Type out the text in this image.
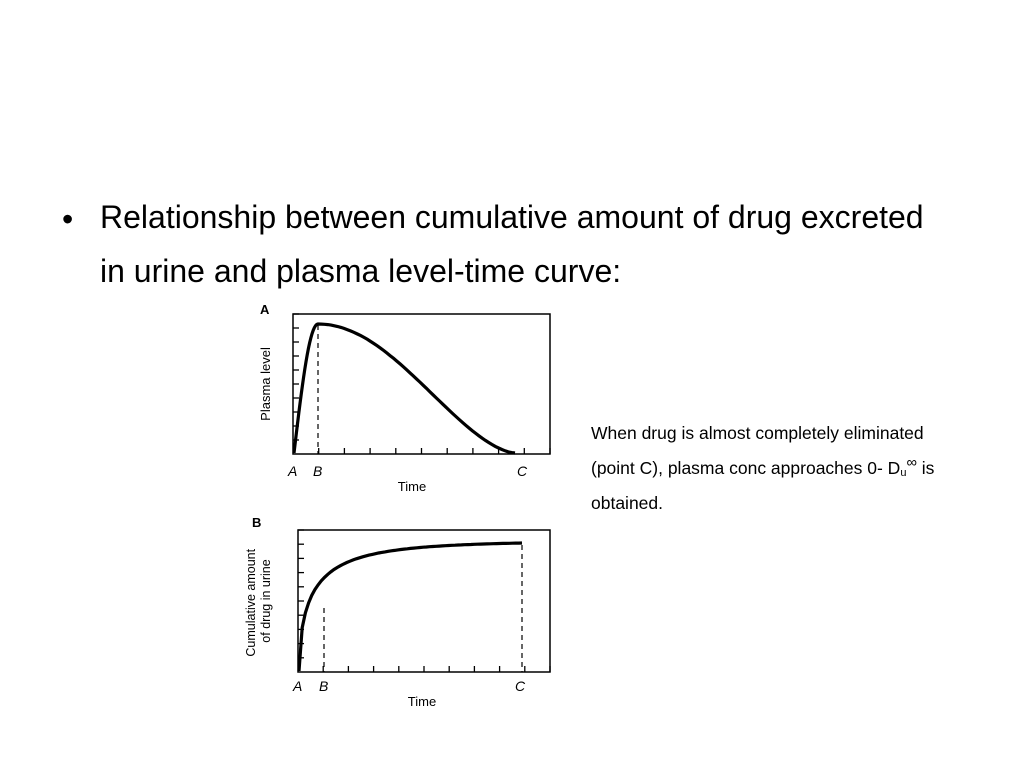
• Relationship between cumulative amount of drug excreted in urine and plasma level-time curve:
When drug is almost completely eliminated (point C), plasma conc approaches 0- $D_u^\infty$ is obtained.
A
A B	C
Time
Plasma level
B
A B	C
Time
Cumulative amount of drug in urine
